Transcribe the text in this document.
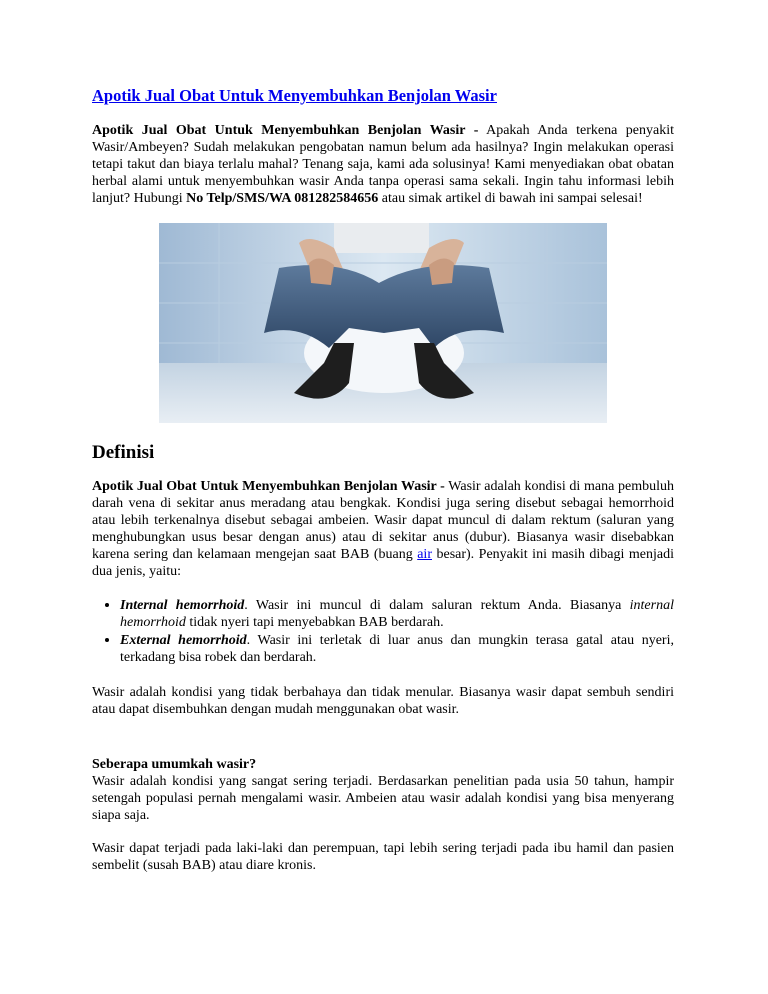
Apotik Jual Obat Untuk Menyembuhkan Benjolan Wasir

Apotik Jual Obat Untuk Menyembuhkan Benjolan Wasir - Apakah Anda terkena penyakit Wasir/Ambeyen? Sudah melakukan pengobatan namun belum ada hasilnya? Ingin melakukan operasi tetapi takut dan biaya terlalu mahal? Tenang saja, kami ada solusinya! Kami menyediakan obat obatan herbal alami untuk menyembuhkan wasir Anda tanpa operasi sama sekali. Ingin tahu informasi lebih lanjut? Hubungi No Telp/SMS/WA 081282584656 atau simak artikel di bawah ini sampai selesai!

Definisi

Apotik Jual Obat Untuk Menyembuhkan Benjolan Wasir - Wasir adalah kondisi di mana pembuluh darah vena di sekitar anus meradang atau bengkak. Kondisi juga sering disebut sebagai hemorrhoid atau lebih terkenalnya disebut sebagai ambeien. Wasir dapat muncul di dalam rektum (saluran yang menghubungkan usus besar dengan anus) atau di sekitar anus (dubur). Biasanya wasir disebabkan karena sering dan kelamaan mengejan saat BAB (buang air besar). Penyakit ini masih dibagi menjadi dua jenis, yaitu:

• Internal hemorrhoid. Wasir ini muncul di dalam saluran rektum Anda. Biasanya internal hemorrhoid tidak nyeri tapi menyebabkan BAB berdarah.
• External hemorrhoid. Wasir ini terletak di luar anus dan mungkin terasa gatal atau nyeri, terkadang bisa robek dan berdarah.

Wasir adalah kondisi yang tidak berbahaya dan tidak menular. Biasanya wasir dapat sembuh sendiri atau dapat disembuhkan dengan mudah menggunakan obat wasir.

Seberapa umumkah wasir?
Wasir adalah kondisi yang sangat sering terjadi. Berdasarkan penelitian pada usia 50 tahun, hampir setengah populasi pernah mengalami wasir. Ambeien atau wasir adalah kondisi yang bisa menyerang siapa saja.

Wasir dapat terjadi pada laki-laki dan perempuan, tapi lebih sering terjadi pada ibu hamil dan pasien sembelit (susah BAB) atau diare kronis.
